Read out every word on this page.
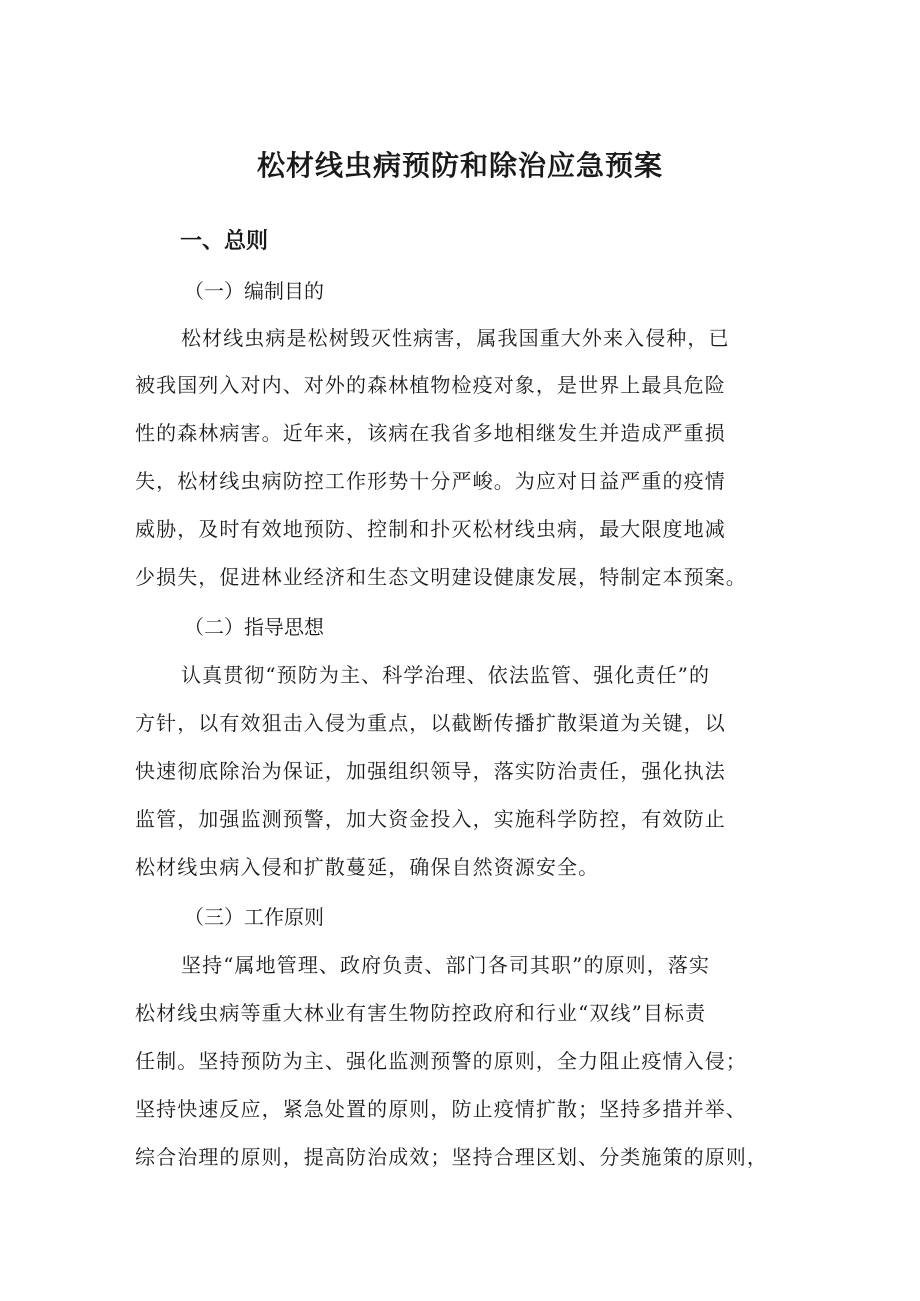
松材线虫病预防和除治应急预案
一、总则
（一）编制目的
松材线虫病是松树毁灭性病害，属我国重大外来入侵种，已
被我国列入对内、对外的森林植物检疫对象，是世界上最具危险
性的森林病害。近年来，该病在我省多地相继发生并造成严重损
失，松材线虫病防控工作形势十分严峻。为应对日益严重的疫情
威胁，及时有效地预防、控制和扑灭松材线虫病，最大限度地减
少损失，促进林业经济和生态文明建设健康发展，特制定本预案。
（二）指导思想
认真贯彻“预防为主、科学治理、依法监管、强化责任”的
方针，以有效狙击入侵为重点，以截断传播扩散渠道为关键，以
快速彻底除治为保证，加强组织领导，落实防治责任，强化执法
监管，加强监测预警，加大资金投入，实施科学防控，有效防止
松材线虫病入侵和扩散蔓延，确保自然资源安全。
（三）工作原则
坚持“属地管理、政府负责、部门各司其职”的原则，落实
松材线虫病等重大林业有害生物防控政府和行业“双线”目标责
任制。坚持预防为主、强化监测预警的原则，全力阻止疫情入侵；
坚持快速反应，紧急处置的原则，防止疫情扩散；坚持多措并举、
综合治理的原则，提高防治成效；坚持合理区划、分类施策的原则，
